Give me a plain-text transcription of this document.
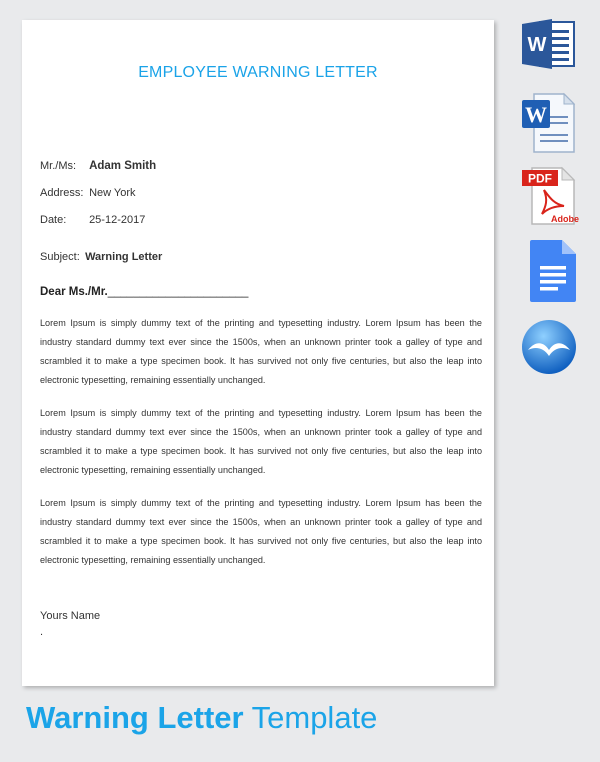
EMPLOYEE WARNING LETTER
Mr./Ms: Adam Smith
Address: New York
Date: 25-12-2017
Subject: Warning Letter
Dear Ms./Mr.______________________

Lorem Ipsum is simply dummy text of the printing and typesetting industry. Lorem Ipsum has been the industry standard dummy text ever since the 1500s, when an unknown printer took a galley of type and scrambled it to make a type specimen book. It has survived not only five centuries, but also the leap into electronic typesetting, remaining essentially unchanged.

Lorem Ipsum is simply dummy text of the printing and typesetting industry. Lorem Ipsum has been the industry standard dummy text ever since the 1500s, when an unknown printer took a galley of type and scrambled it to make a type specimen book. It has survived not only five centuries, but also the leap into electronic typesetting, remaining essentially unchanged.

Lorem Ipsum is simply dummy text of the printing and typesetting industry. Lorem Ipsum has been the industry standard dummy text ever since the 1500s, when an unknown printer took a galley of type and scrambled it to make a type specimen book. It has survived not only five centuries, but also the leap into electronic typesetting, remaining essentially unchanged.

Yours Name
.
W
W
PDF
Adobe
Warning Letter Template
